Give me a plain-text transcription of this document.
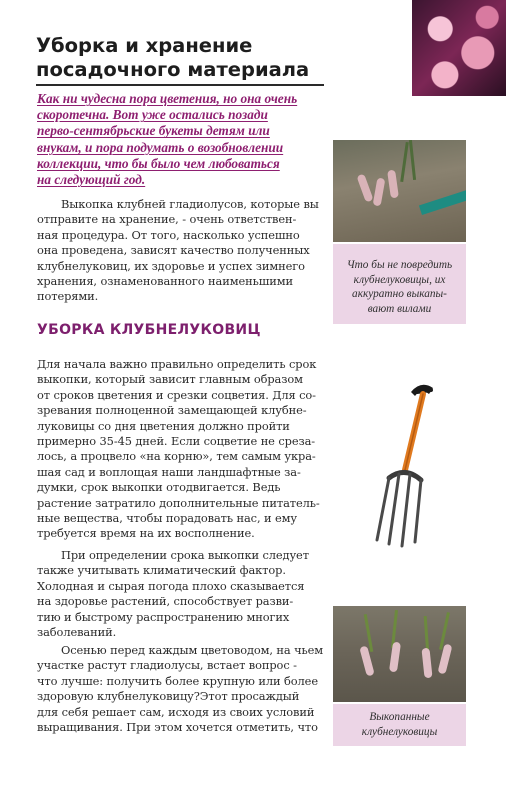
Уборка и хранение
посадочного материала

Как ни чудесна пора цветения, но она очень
скоротечна. Вот уже остались позади
перво-сентябрьские букеты детям или
внукам, и пора подумать о возобновлении
коллекции, что бы было чем любоваться
на следующий год.

Выкопка клубней гладиолусов, которые вы
отправите на хранение, - очень ответствен-
ная процедура. От того, насколько успешно
она проведена, зависят качество полученных
клубнелуковиц, их здоровье и успех зимнего
хранения, ознаменованного наименьшими
потерями.
УБОРКА КЛУБНЕЛУКОВИЦ
Для начала важно правильно определить срок
выкопки, который зависит главным образом
от сроков цветения и срезки соцветия. Для со-
зревания полноценной замещающей клубне-
луковицы со дня цветения должно пройти
примерно 35-45 дней. Если соцветие не среза-
лось, а процвело «на корню», тем самым укра-
шая сад и воплощая наши ландшафтные за-
думки, срок выкопки отодвигается. Ведь
растение затратило дополнительные питатель-
ные вещества, чтобы порадовать нас, и ему
требуется время на их восполнение.
При определении срока выкопки следует
также учитывать климатический фактор.
Холодная и сырая погода плохо сказывается
на здоровье растений, способствует разви-
тию и быстрому распространению многих
заболеваний.
Осенью перед каждым цветоводом, на чьем
участке растут гладиолусы, встает вопрос -
что лучше: получить более крупную или более
здоровую клубнелуковицу?Этот просаждый
для себя решает сам, исходя из своих условий
выращивания. При этом хочется отметить, что
Что бы не повредить
клубнелуковицы, их
аккуратно выкапы-
вают вилами
Выкопанные
клубнелуковицы
